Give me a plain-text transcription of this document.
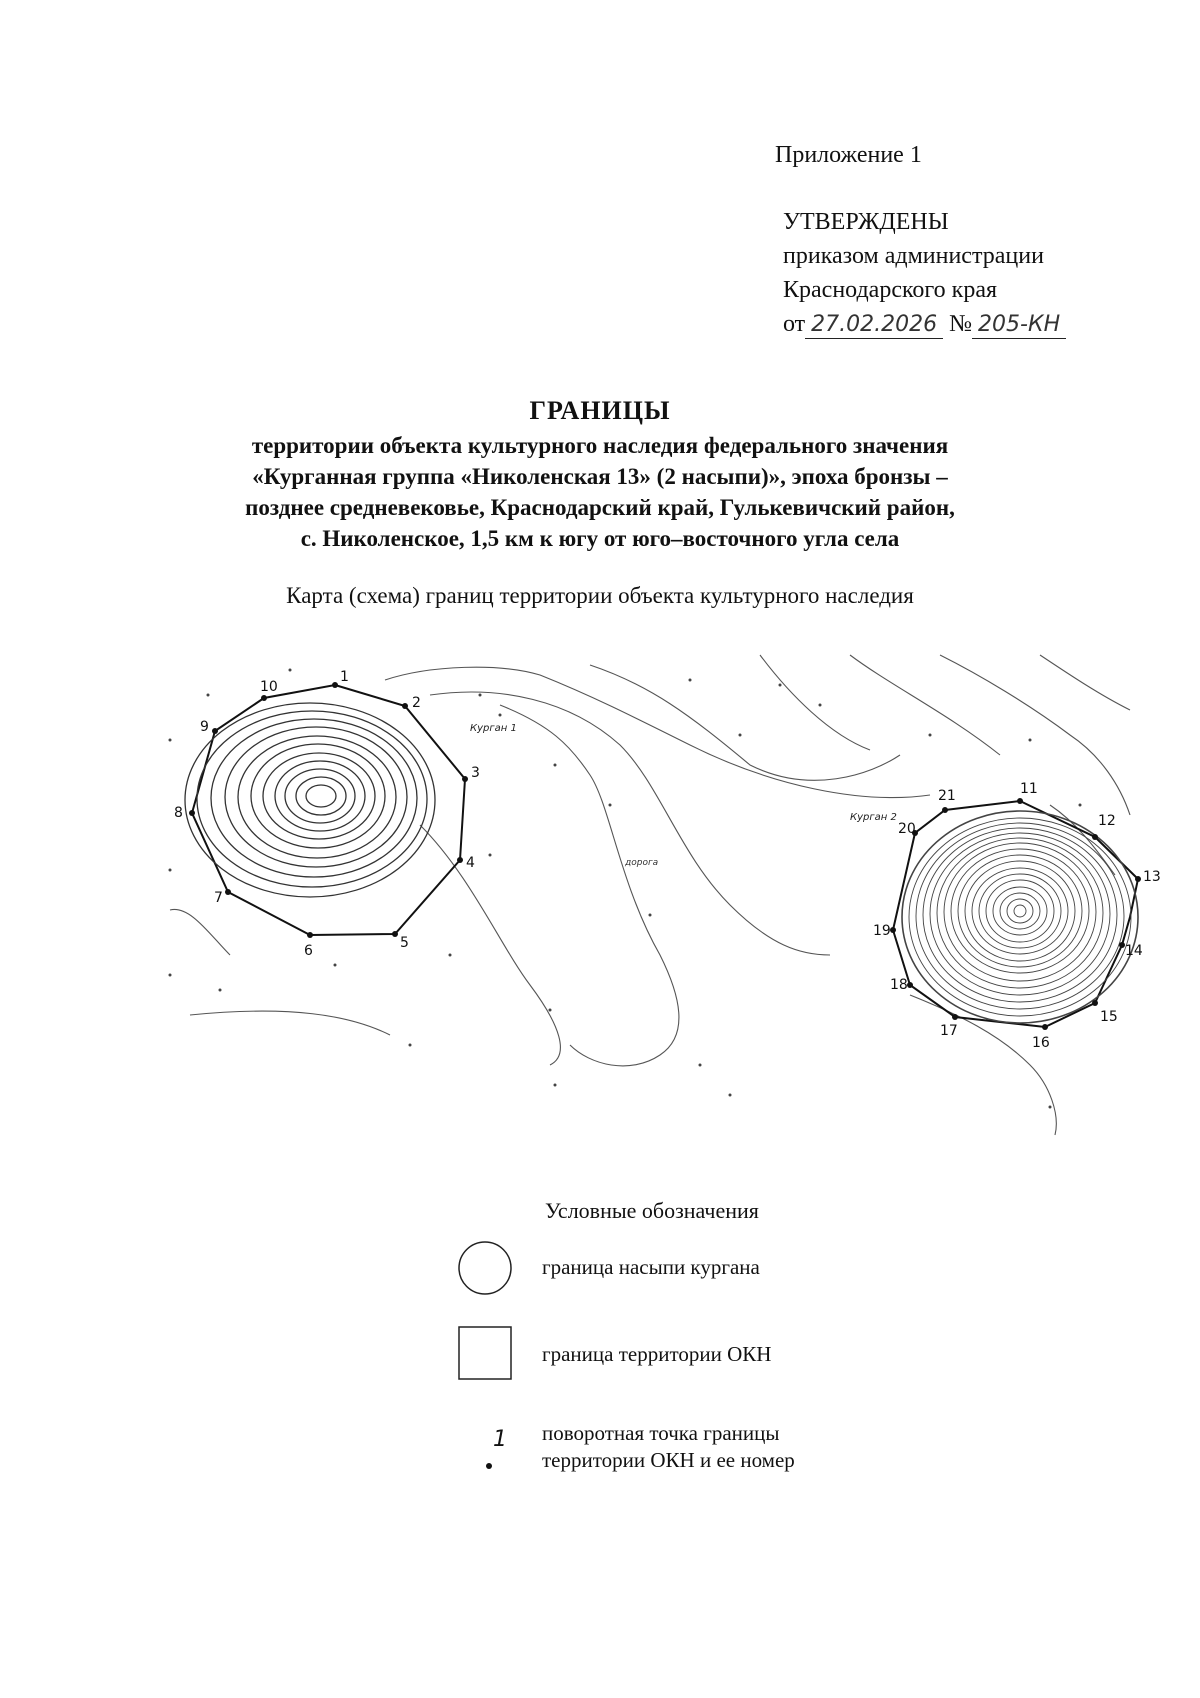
Приложение 1
УТВЕРЖДЕНЫ
приказом администрации
Краснодарского края
от 27.02.2026 № 205-КН
ГРАНИЦЫ
территории объекта культурного наследия федерального значения
«Курганная группа «Николенская 13» (2 насыпи)», эпоха бронзы –
позднее средневековье, Краснодарский край, Гулькевичский район,
с. Николенское, 1,5 км к югу от юго–восточного угла села
Карта (схема) границ территории объекта культурного наследия
1
2
3
4
5
6
7
8
9
10
Курган 1
11
12
13
14
15
16
17
18
19
20
21
Курган 2
дорога
Условные обозначения
граница насыпи кургана
граница территории ОКН
1 поворотная точка границы
территории ОКН и ее номер
